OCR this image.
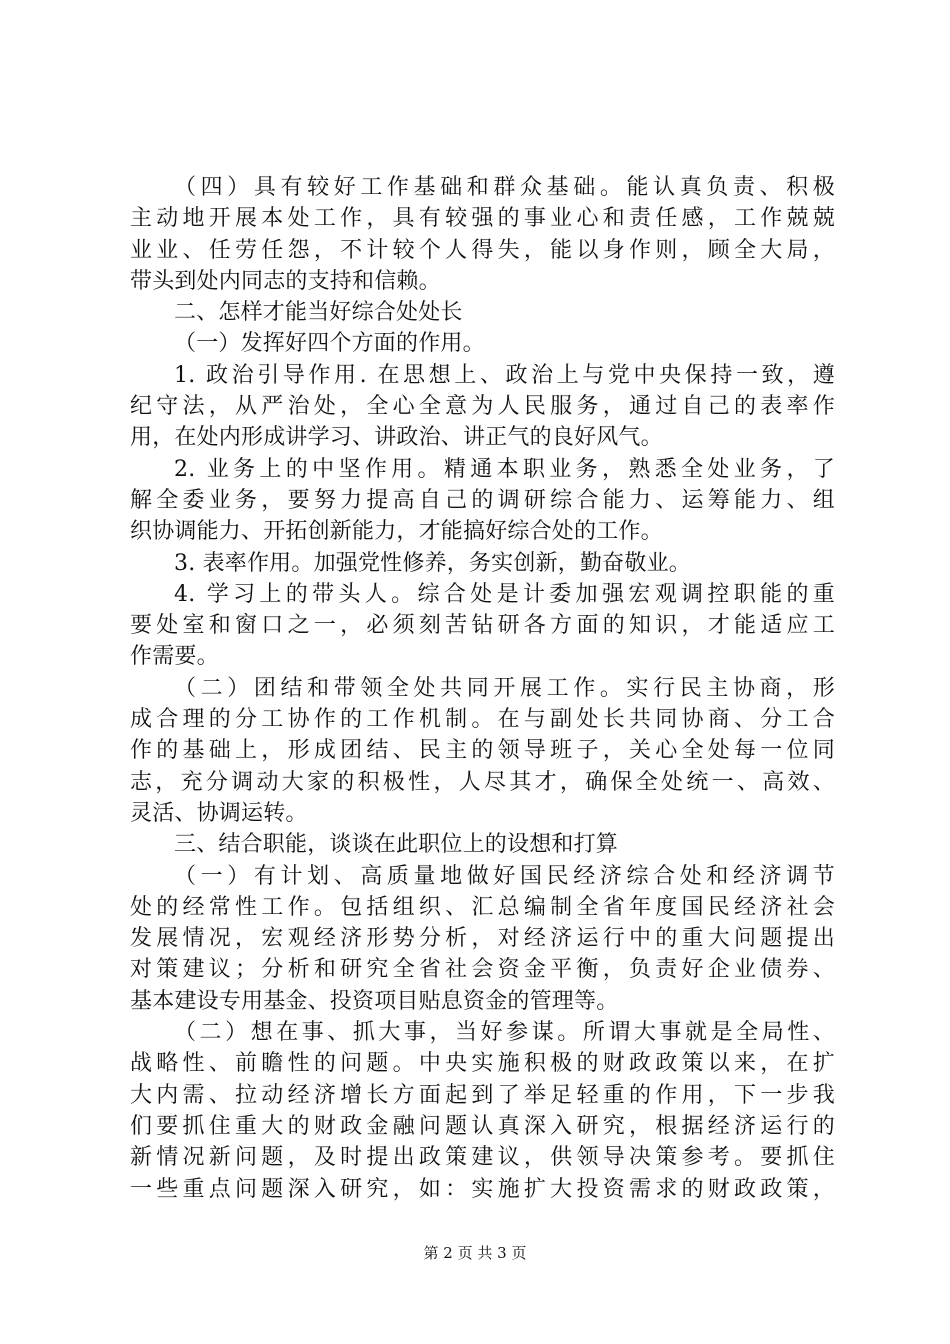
（四）具有较好工作基础和群众基础。能认真负责、积极
主动地开展本处工作，具有较强的事业心和责任感，工作兢兢
业业、任劳任怨，不计较个人得失，能以身作则，顾全大局，
带头到处内同志的支持和信赖。
二、怎样才能当好综合处处长
（一）发挥好四个方面的作用。
1. 政治引导作用. 在思想上、政治上与党中央保持一致，遵
纪守法，从严治处，全心全意为人民服务，通过自己的表率作
用，在处内形成讲学习、讲政治、讲正气的良好风气。
2. 业务上的中坚作用。精通本职业务，熟悉全处业务，了
解全委业务，要努力提高自己的调研综合能力、运筹能力、组
织协调能力、开拓创新能力，才能搞好综合处的工作。
3. 表率作用。加强党性修养，务实创新，勤奋敬业。
4. 学习上的带头人。综合处是计委加强宏观调控职能的重
要处室和窗口之一，必须刻苦钻研各方面的知识，才能适应工
作需要。
（二）团结和带领全处共同开展工作。实行民主协商，形
成合理的分工协作的工作机制。在与副处长共同协商、分工合
作的基础上，形成团结、民主的领导班子，关心全处每一位同
志，充分调动大家的积极性，人尽其才，确保全处统一、高效、
灵活、协调运转。
三、结合职能，谈谈在此职位上的设想和打算
（一）有计划、高质量地做好国民经济综合处和经济调节
处的经常性工作。包括组织、汇总编制全省年度国民经济社会
发展情况，宏观经济形势分析，对经济运行中的重大问题提出
对策建议；分析和研究全省社会资金平衡，负责好企业债券、
基本建设专用基金、投资项目贴息资金的管理等。
（二）想在事、抓大事，当好参谋。所谓大事就是全局性、
战略性、前瞻性的问题。中央实施积极的财政政策以来，在扩
大内需、拉动经济增长方面起到了举足轻重的作用，下一步我
们要抓住重大的财政金融问题认真深入研究，根据经济运行的
新情况新问题，及时提出政策建议，供领导决策参考。要抓住
一些重点问题深入研究，如：实施扩大投资需求的财政政策，
第 2 页 共 3 页
